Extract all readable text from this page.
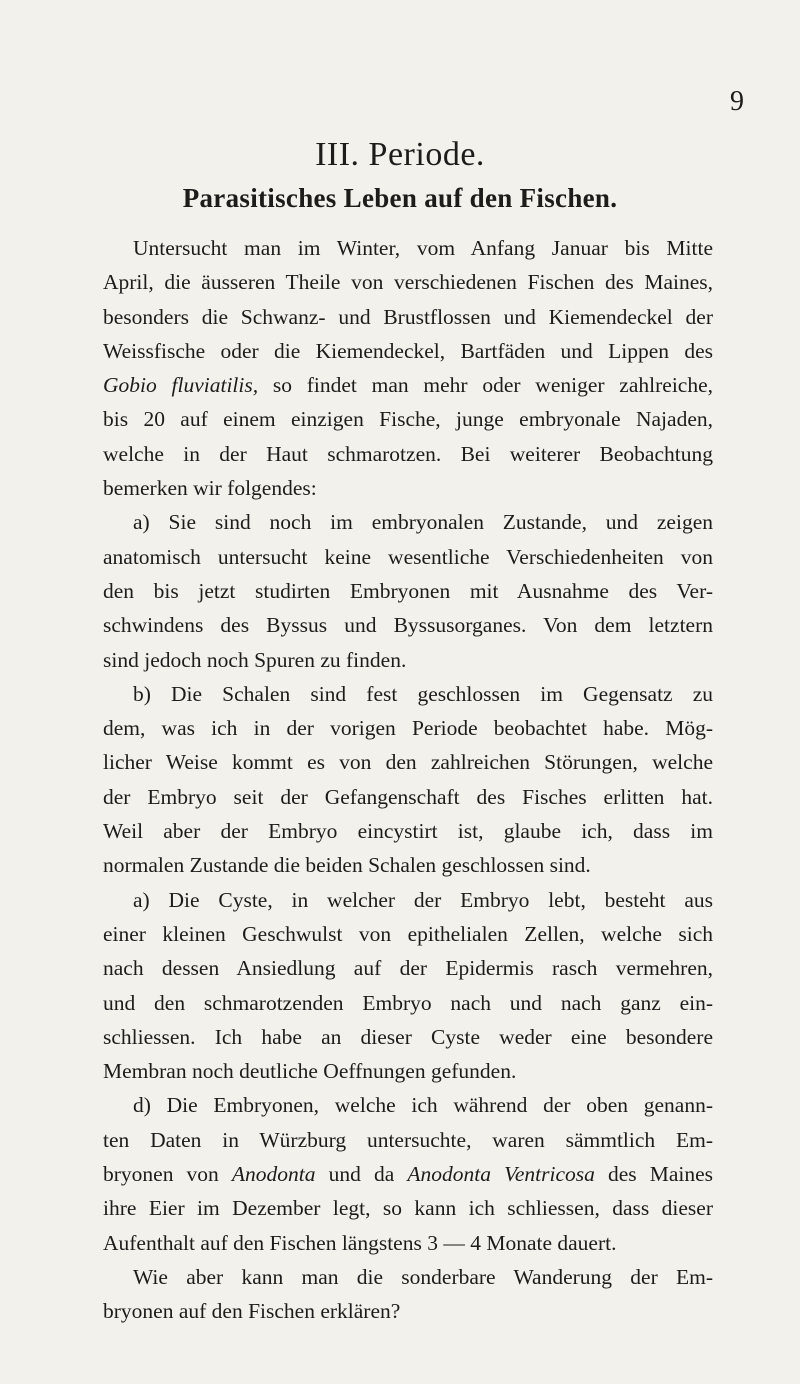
9
III. Periode.
Parasitisches Leben auf den Fischen.
Untersucht man im Winter, vom Anfang Januar bis Mitte
April, die äusseren Theile von verschiedenen Fischen des Maines,
besonders die Schwanz- und Brustflossen und Kiemendeckel der
Weissfische oder die Kiemendeckel, Bartfäden und Lippen des
Gobio fluviatilis, so findet man mehr oder weniger zahlreiche,
bis 20 auf einem einzigen Fische, junge embryonale Najaden,
welche in der Haut schmarotzen. Bei weiterer Beobachtung
bemerken wir folgendes:
a) Sie sind noch im embryonalen Zustande, und zeigen
anatomisch untersucht keine wesentliche Verschiedenheiten von
den bis jetzt studirten Embryonen mit Ausnahme des Ver-
schwindens des Byssus und Byssusorganes. Von dem letztern
sind jedoch noch Spuren zu finden.
b) Die Schalen sind fest geschlossen im Gegensatz zu
dem, was ich in der vorigen Periode beobachtet habe. Mög-
licher Weise kommt es von den zahlreichen Störungen, welche
der Embryo seit der Gefangenschaft des Fisches erlitten hat.
Weil aber der Embryo eincystirt ist, glaube ich, dass im
normalen Zustande die beiden Schalen geschlossen sind.
a) Die Cyste, in welcher der Embryo lebt, besteht aus
einer kleinen Geschwulst von epithelialen Zellen, welche sich
nach dessen Ansiedlung auf der Epidermis rasch vermehren,
und den schmarotzenden Embryo nach und nach ganz ein-
schliessen. Ich habe an dieser Cyste weder eine besondere
Membran noch deutliche Oeffnungen gefunden.
d) Die Embryonen, welche ich während der oben genann-
ten Daten in Würzburg untersuchte, waren sämmtlich Em-
bryonen von Anodonta und da Anodonta Ventricosa des Maines
ihre Eier im Dezember legt, so kann ich schliessen, dass dieser
Aufenthalt auf den Fischen längstens 3 — 4 Monate dauert.
Wie aber kann man die sonderbare Wanderung der Em-
bryonen auf den Fischen erklären?
